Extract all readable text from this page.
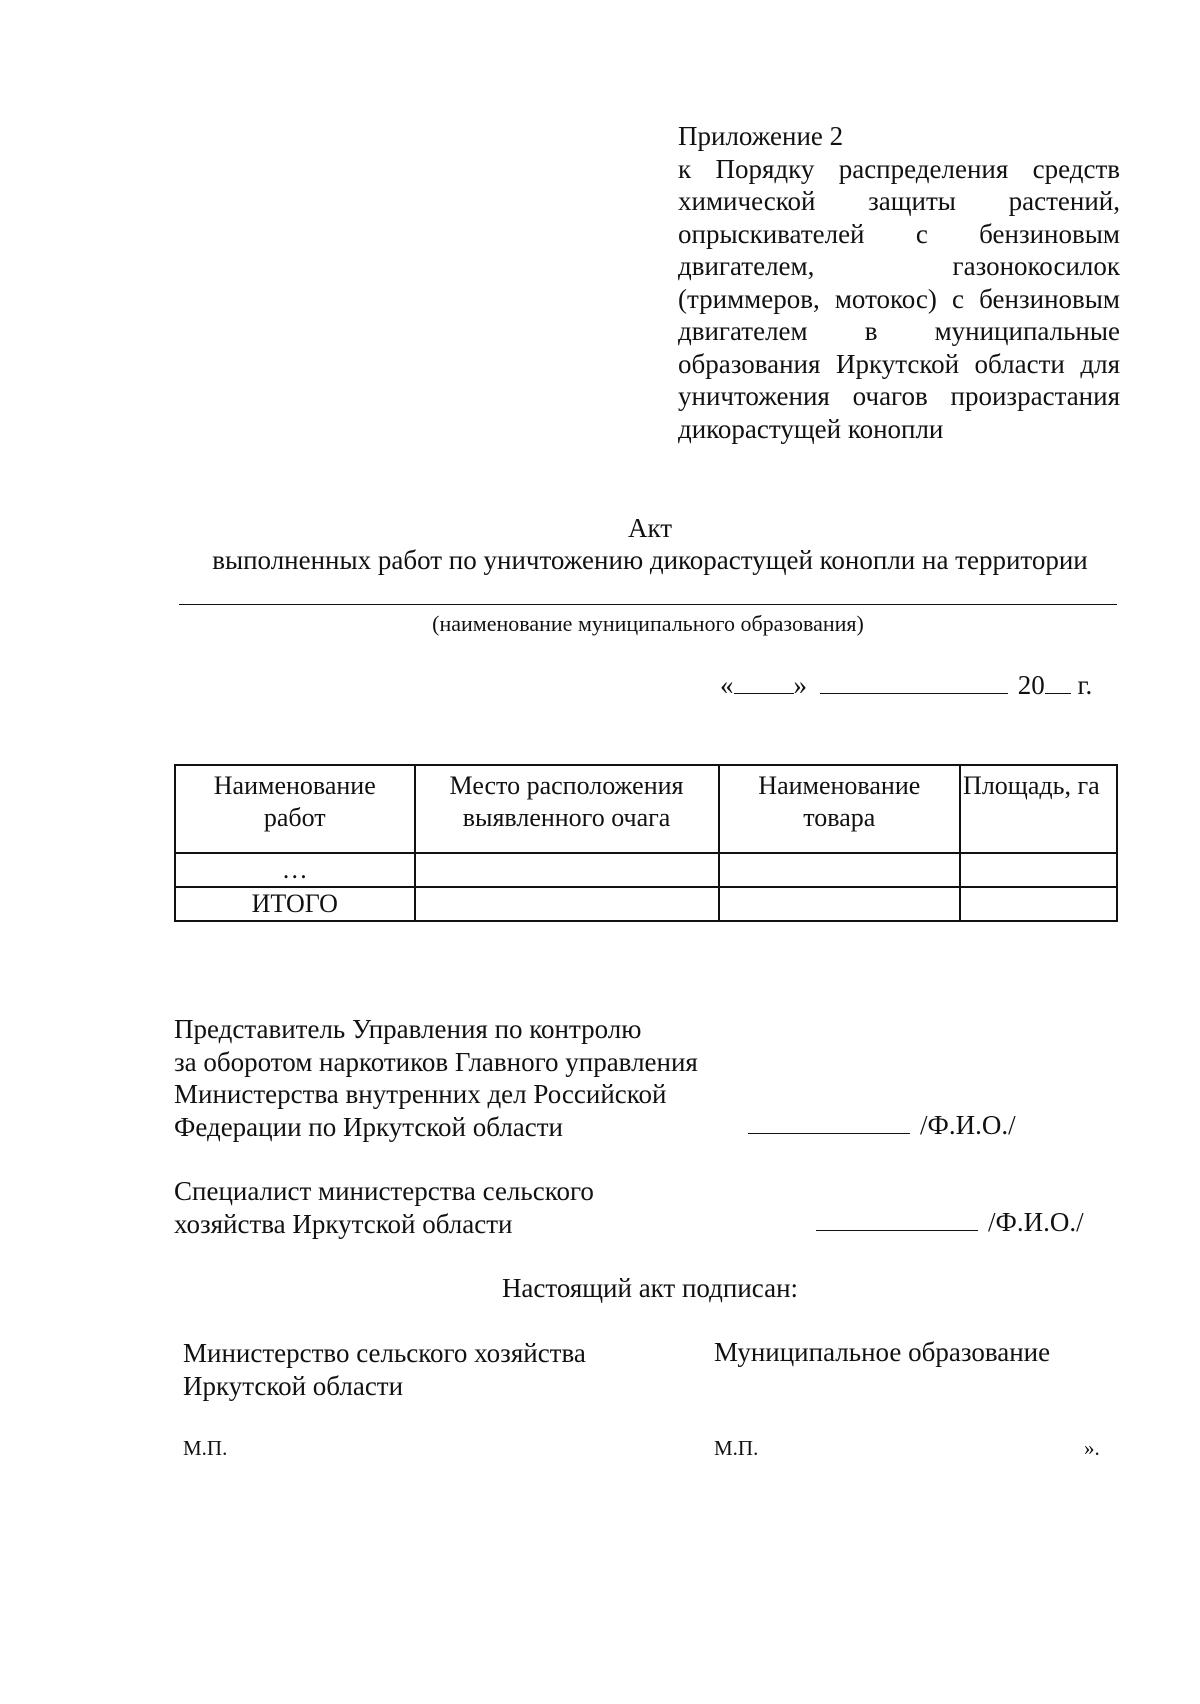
Приложение 2
к Порядку распределения средств химической защиты растений, опрыскивателей с бензиновым двигателем, газонокосилок (триммеров, мотокос) с бензиновым двигателем в муниципальные образования Иркутской области для уничтожения очагов произрастания дикорастущей конопли
Акт
выполненных работ по уничтожению дикорастущей конопли на территории
(наименование муниципального образования)
« »	20 г.
Наименование работ	Место расположения выявленного очага	Наименование товара	Площадь, га
…			
ИТОГО			
Представитель Управления по контролю
за оборотом наркотиков Главного управления
Министерства внутренних дел Российской
Федерации по Иркутской области	/Ф.И.О./
Специалист министерства сельского
хозяйства Иркутской области	/Ф.И.О./
Настоящий акт подписан:
Министерство сельского хозяйства
Иркутской области
Муниципальное образование
М.П.	М.П.	».
